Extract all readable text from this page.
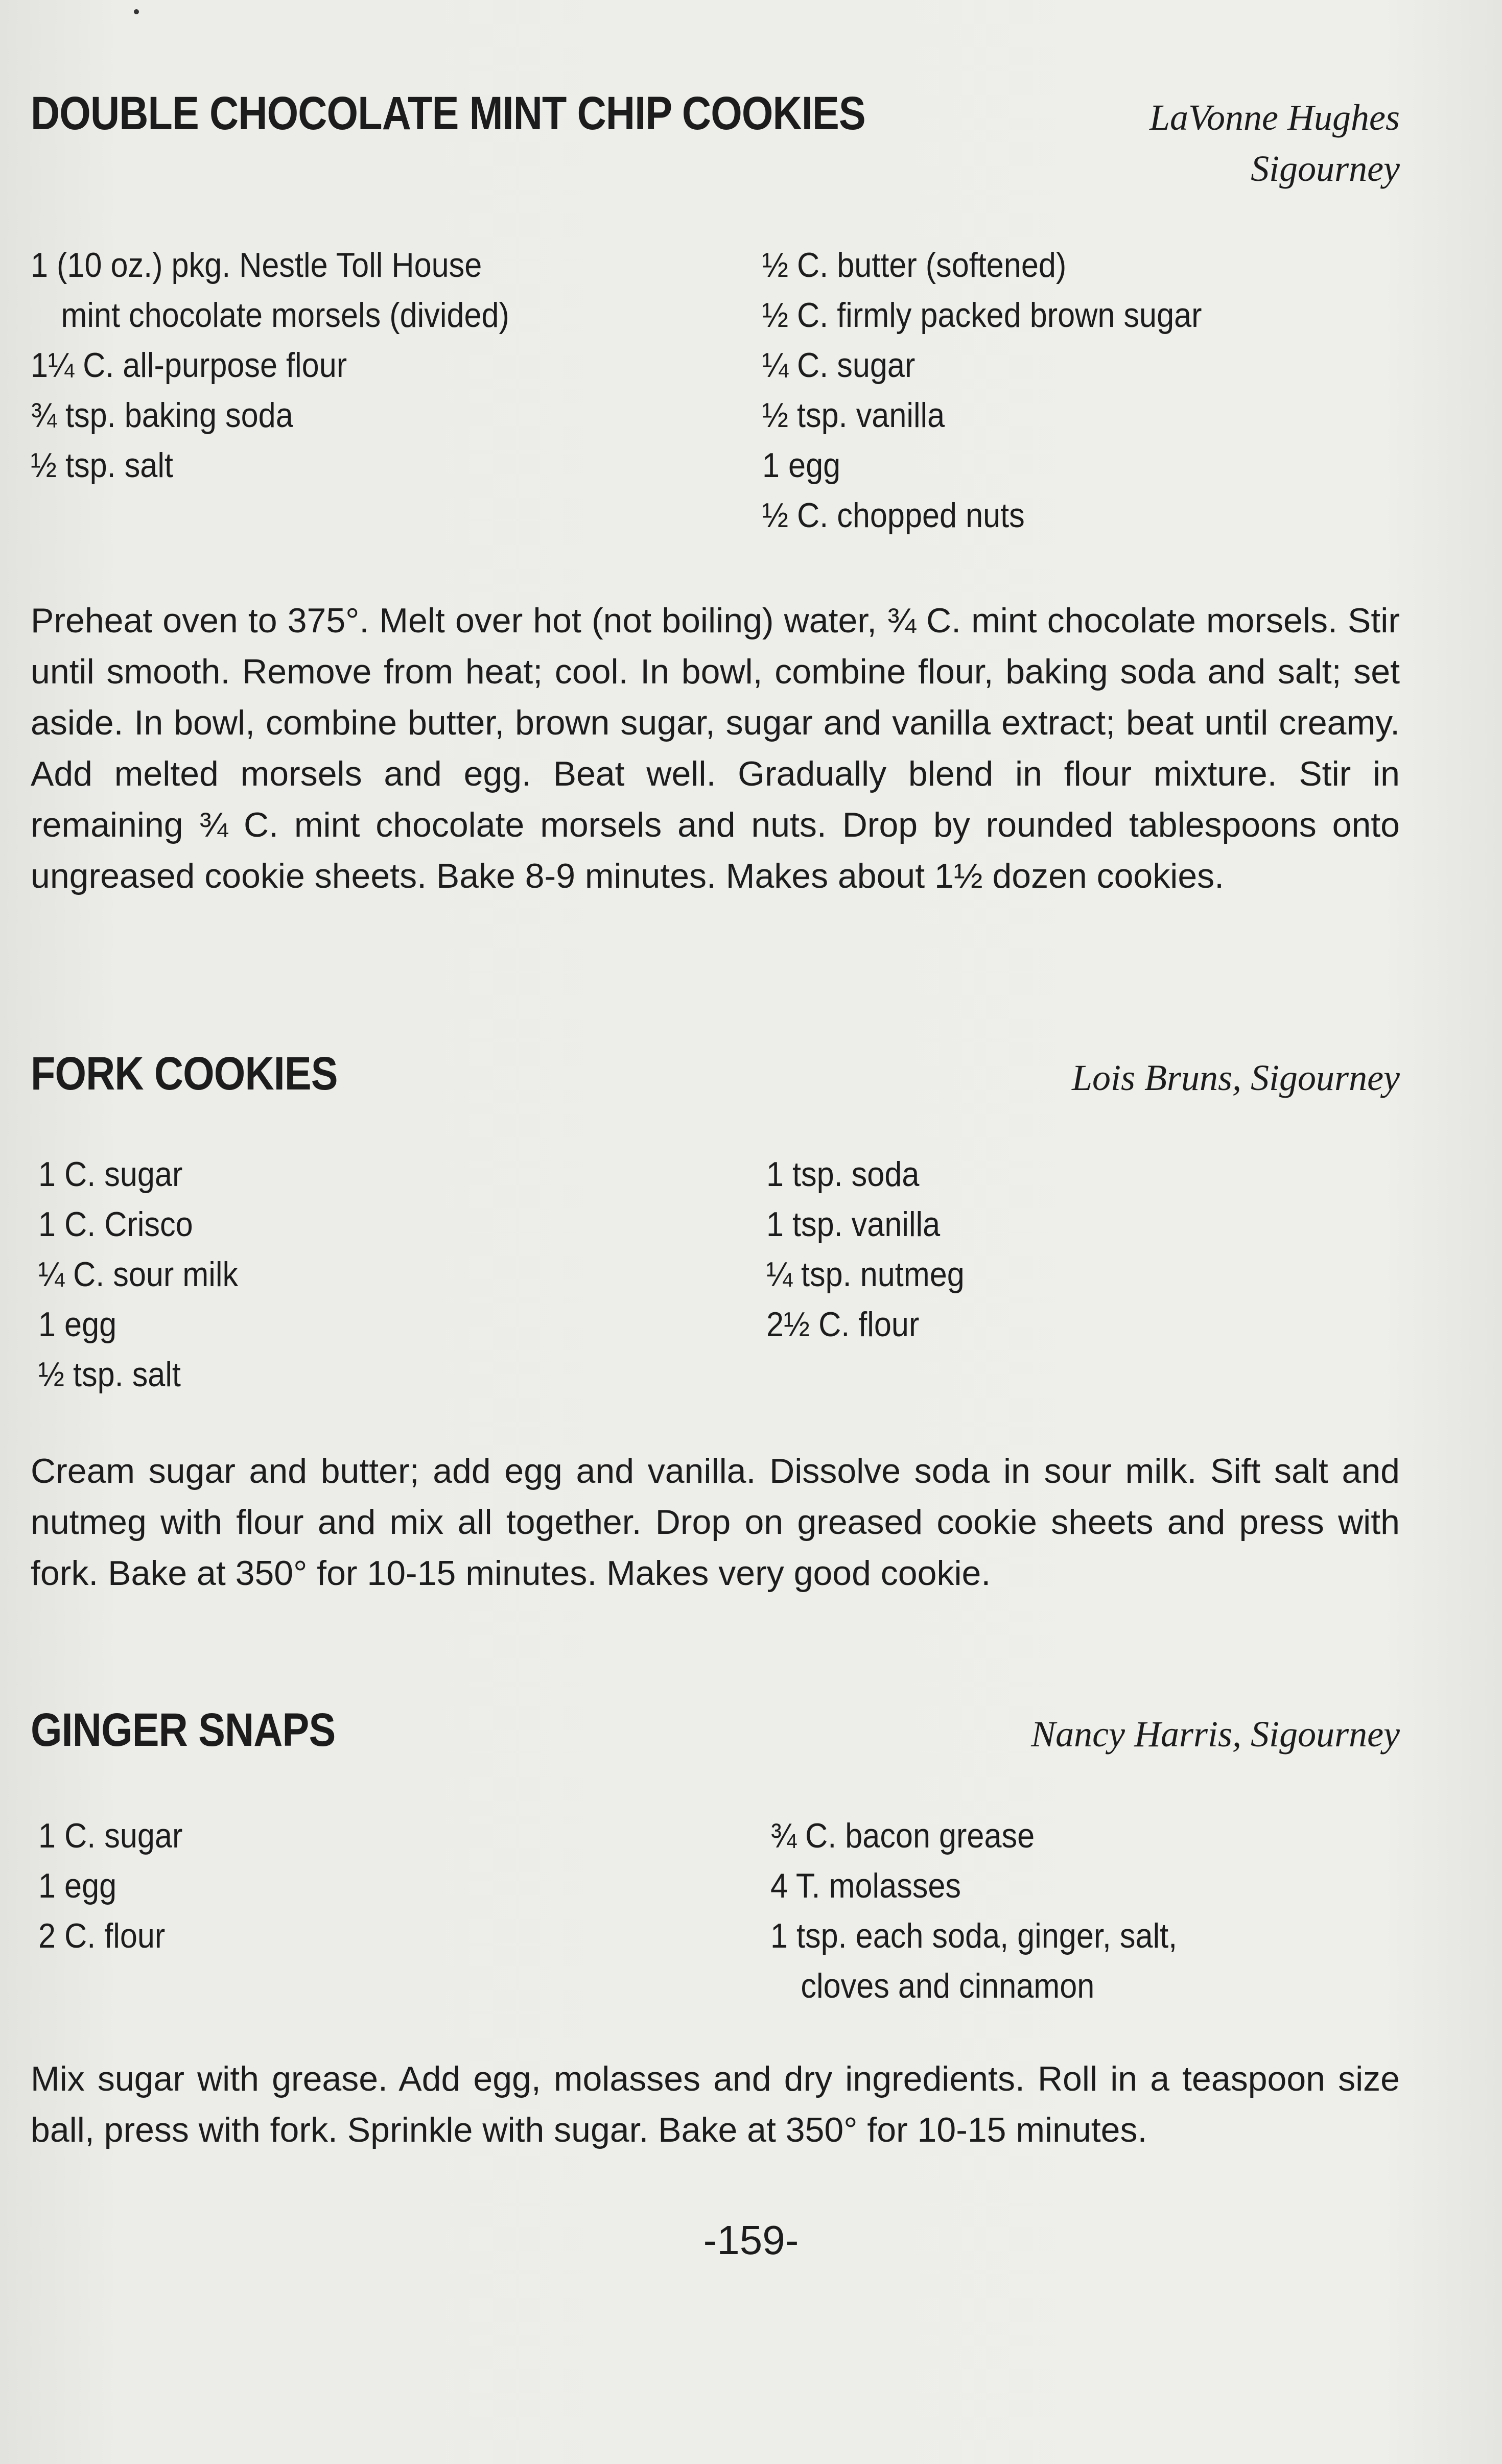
DOUBLE CHOCOLATE MINT CHIP COOKIES	LaVonne Hughes
Sigourney
1 (10 oz.) pkg. Nestle Toll House
mint chocolate morsels (divided)
1¼ C. all-purpose flour
¾ tsp. baking soda
½ tsp. salt
½ C. butter (softened)
½ C. firmly packed brown sugar
¼ C. sugar
½ tsp. vanilla
1 egg
½ C. chopped nuts

Preheat oven to 375°. Melt over hot (not boiling) water, ¾ C. mint chocolate morsels. Stir until smooth. Remove from heat; cool. In bowl, combine flour, baking soda and salt; set aside. In bowl, combine butter, brown sugar, sugar and vanilla extract; beat until creamy. Add melted morsels and egg. Beat well. Gradually blend in flour mixture. Stir in remaining ¾ C. mint chocolate morsels and nuts. Drop by rounded tablespoons onto ungreased cookie sheets. Bake 8-9 minutes. Makes about 1½ dozen cookies.

FORK COOKIES	Lois Bruns, Sigourney
1 C. sugar
1 C. Crisco
¼ C. sour milk
1 egg
½ tsp. salt
1 tsp. soda
1 tsp. vanilla
¼ tsp. nutmeg
2½ C. flour

Cream sugar and butter; add egg and vanilla. Dissolve soda in sour milk. Sift salt and nutmeg with flour and mix all together. Drop on greased cookie sheets and press with fork. Bake at 350° for 10-15 minutes. Makes very good cookie.

GINGER SNAPS	Nancy Harris, Sigourney
1 C. sugar
1 egg
2 C. flour
¾ C. bacon grease
4 T. molasses
1 tsp. each soda, ginger, salt,
cloves and cinnamon

Mix sugar with grease. Add egg, molasses and dry ingredients. Roll in a teaspoon size ball, press with fork. Sprinkle with sugar. Bake at 350° for 10-15 minutes.

-159-
